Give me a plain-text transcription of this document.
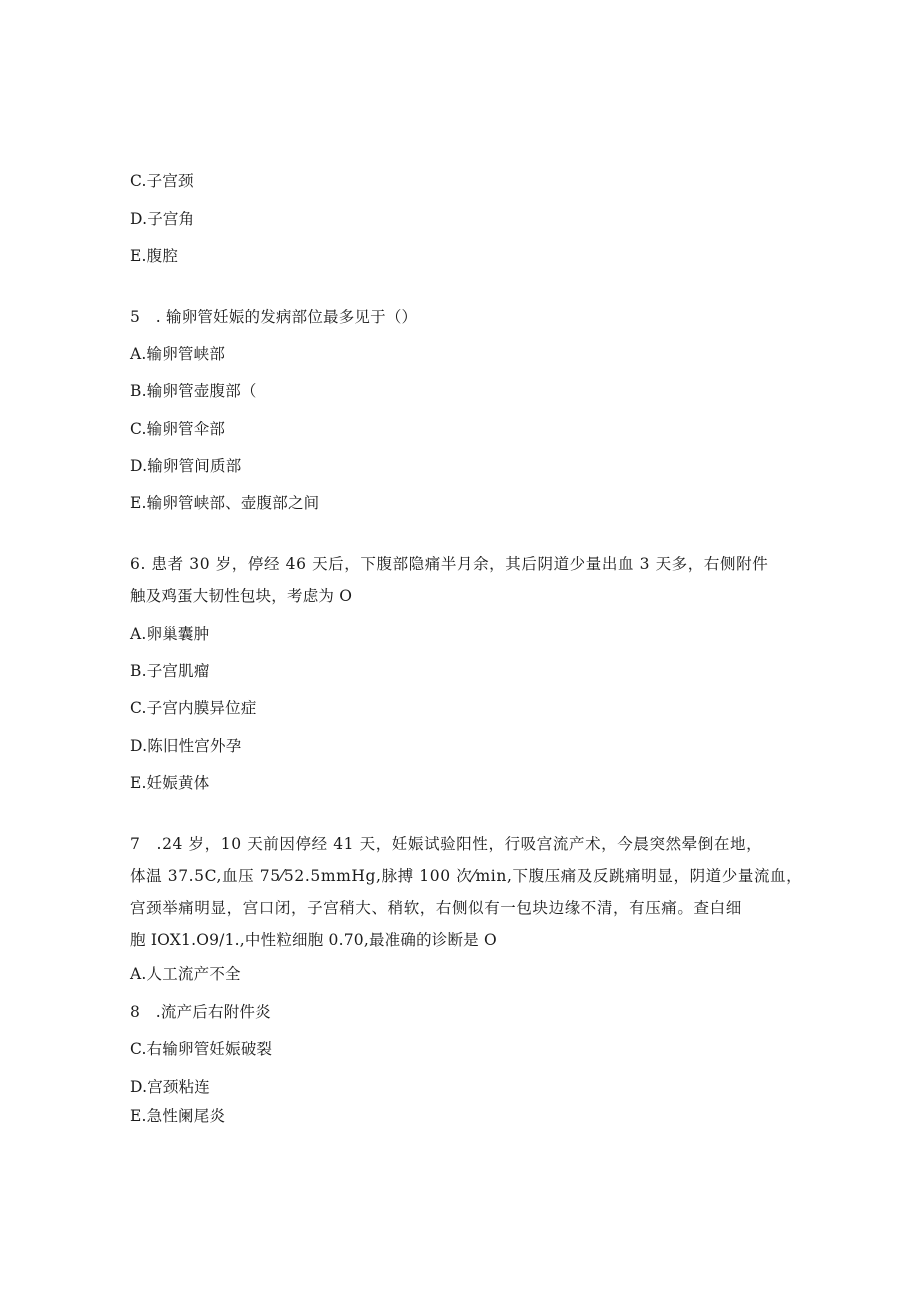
C.子宫颈
D.子宫角
E.腹腔
5　. 输卵管妊娠的发病部位最多见于（）
A.输卵管峡部
B.输卵管壶腹部（
C.输卵管伞部
D.输卵管间质部
E.输卵管峡部、壶腹部之间
6. 患者 30 岁，停经 46 天后，下腹部隐痛半月余，其后阴道少量出血 3 天多，右侧附件
触及鸡蛋大韧性包块，考虑为 O
A.卵巢囊肿
B.子宫肌瘤
C.子宫内膜异位症
D.陈旧性宫外孕
E.妊娠黄体
7　.24 岁，10 天前因停经 41 天，妊娠试验阳性，行吸宫流产术，今晨突然晕倒在地，
体温 37.5C,血压 75⁄52.5mmHg,脉搏 100 次⁄min,下腹压痛及反跳痛明显，阴道少量流血，
宫颈举痛明显，宫口闭，子宫稍大、稍软，右侧似有一包块边缘不清，有压痛。查白细
胞 IOX1.O9/1.,中性粒细胞 0.70,最准确的诊断是 O
A.人工流产不全
8　.流产后右附件炎
C.右输卵管妊娠破裂
D.宫颈粘连
E.急性阑尾炎
